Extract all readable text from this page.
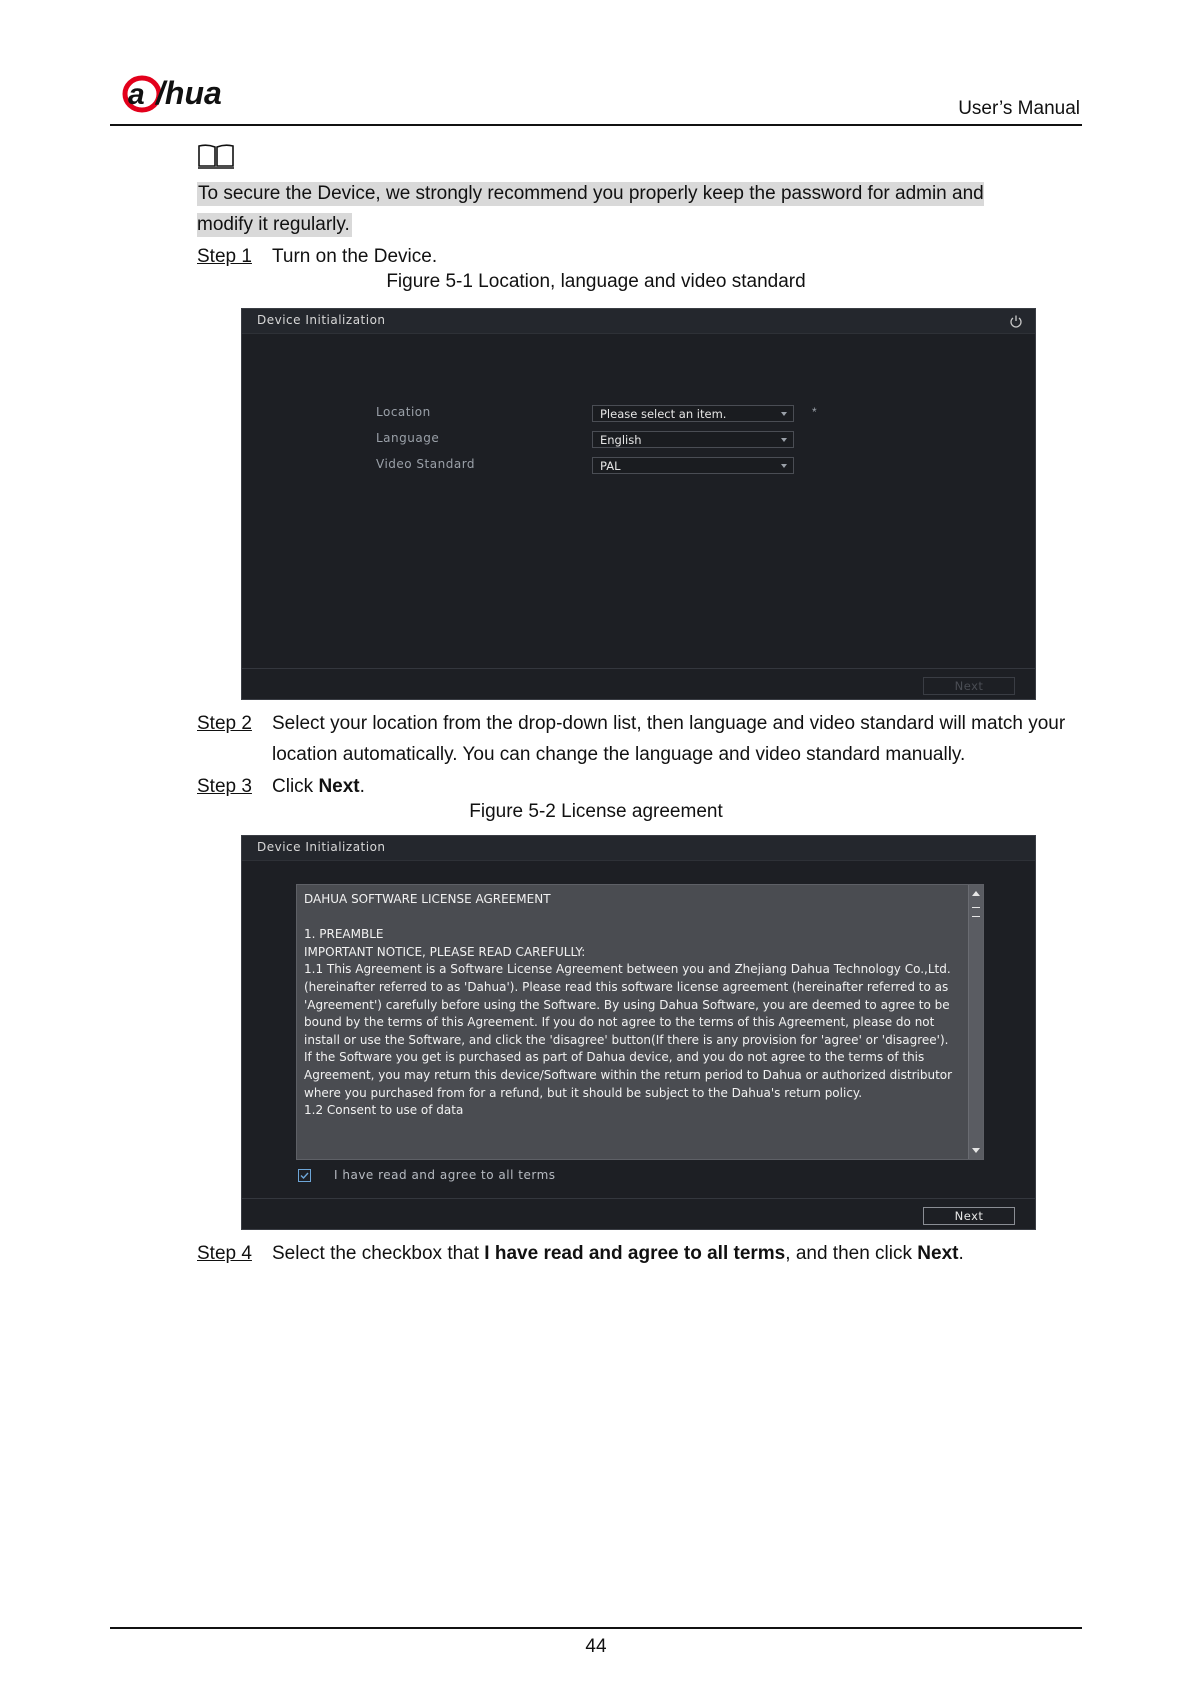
a /hua	User’s Manual
To secure the Device, we strongly recommend you properly keep the password for admin and modify it regularly.
Step 1 Turn on the Device.
Figure 5-1 Location, language and video standard
Device Initialization
Location	Please select an item.	*
Language	English
Video Standard	PAL
Next
Step 2 Select your location from the drop-down list, then language and video standard will match your location automatically. You can change the language and video standard manually.
Step 3 Click Next.
Figure 5-2 License agreement
Device Initialization
DAHUA SOFTWARE LICENSE AGREEMENT

1. PREAMBLE
IMPORTANT NOTICE, PLEASE READ CAREFULLY:
1.1 This Agreement is a Software License Agreement between you and Zhejiang Dahua Technology Co.,Ltd. (hereinafter referred to as 'Dahua'). Please read this software license agreement (hereinafter referred to as 'Agreement') carefully before using the Software. By using Dahua Software, you are deemed to agree to be bound by the terms of this Agreement. If you do not agree to the terms of this Agreement, please do not install or use the Software, and click the 'disagree' button(If there is any provision for 'agree' or 'disagree'). If the Software you get is purchased as part of Dahua device, and you do not agree to the terms of this Agreement, you may return this device/Software within the return period to Dahua or authorized distributor where you purchased from for a refund, but it should be subject to the Dahua's return policy.
1.2 Consent to use of data
I have read and agree to all terms
Next
Step 4 Select the checkbox that I have read and agree to all terms, and then click Next.
44
